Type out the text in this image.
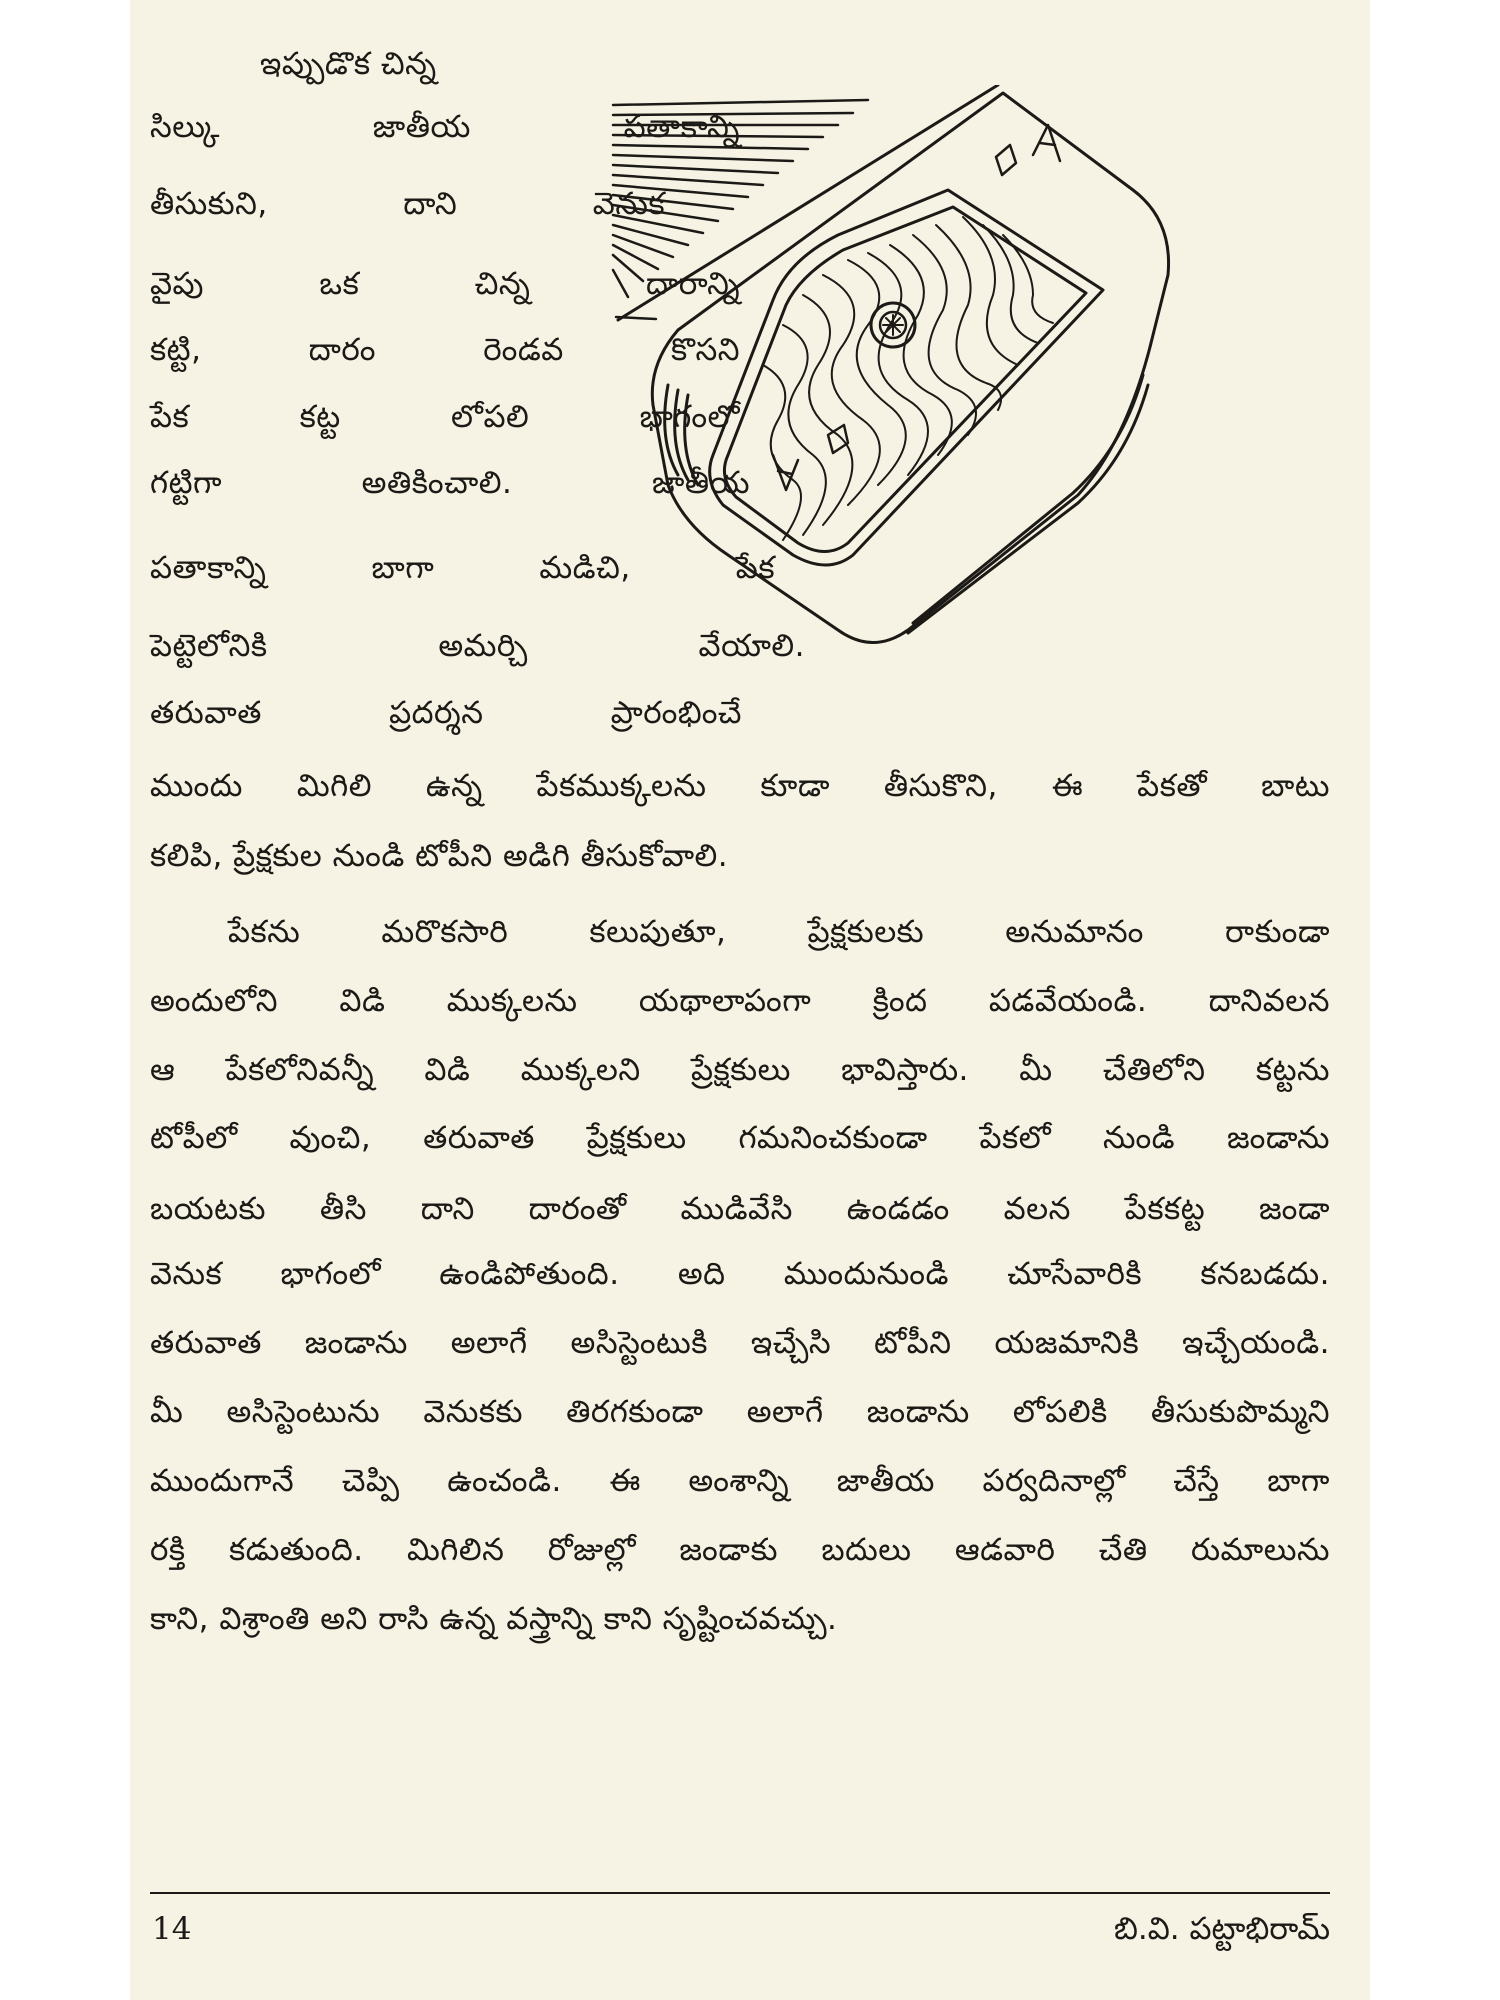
ఇప్పుడొక చిన్న
సిల్కు జాతీయ పతాకాన్ని
తీసుకుని, దాని వెనుక
వైపు ఒక చిన్న దారాన్ని
కట్టి, దారం రెండవ కొసని
పేక కట్ట లోపలి భాగంలో
గట్టిగా అతికించాలి. జాతీయ
పతాకాన్ని బాగా మడిచి, పేక
పెట్టెలోనికి అమర్చి వేయాలి.
తరువాత ప్రదర్శన ప్రారంభించే
ముందు మిగిలి ఉన్న పేకముక్కలను కూడా తీసుకొని, ఈ పేకతో బాటు
కలిపి, ప్రేక్షకుల నుండి టోపీని అడిగి తీసుకోవాలి.
పేకను మరొకసారి కలుపుతూ, ప్రేక్షకులకు అనుమానం రాకుండా
అందులోని విడి ముక్కలను యథాలాపంగా క్రింద పడవేయండి. దానివలన
ఆ పేకలోనివన్నీ విడి ముక్కలని ప్రేక్షకులు భావిస్తారు. మీ చేతిలోని కట్టను
టోపీలో వుంచి, తరువాత ప్రేక్షకులు గమనించకుండా పేకలో నుండి జండాను
బయటకు తీసి దాని దారంతో ముడివేసి ఉండడం వలన పేకకట్ట జండా
వెనుక భాగంలో ఉండిపోతుంది. అది ముందునుండి చూసేవారికి కనబడదు.
తరువాత జండాను అలాగే అసిస్టెంటుకి ఇచ్చేసి టోపీని యజమానికి ఇచ్చేయండి.
మీ అసిస్టెంటును వెనుకకు తిరగకుండా అలాగే జండాను లోపలికి తీసుకుపొమ్మని
ముందుగానే చెప్పి ఉంచండి. ఈ అంశాన్ని జాతీయ పర్వదినాల్లో చేస్తే బాగా
రక్తి కడుతుంది. మిగిలిన రోజుల్లో జండాకు బదులు ఆడవారి చేతి రుమాలును
కాని, విశ్రాంతి అని రాసి ఉన్న వస్త్రాన్ని కాని సృష్టించవచ్చు.
14	బి.వి. పట్టాభిరామ్
